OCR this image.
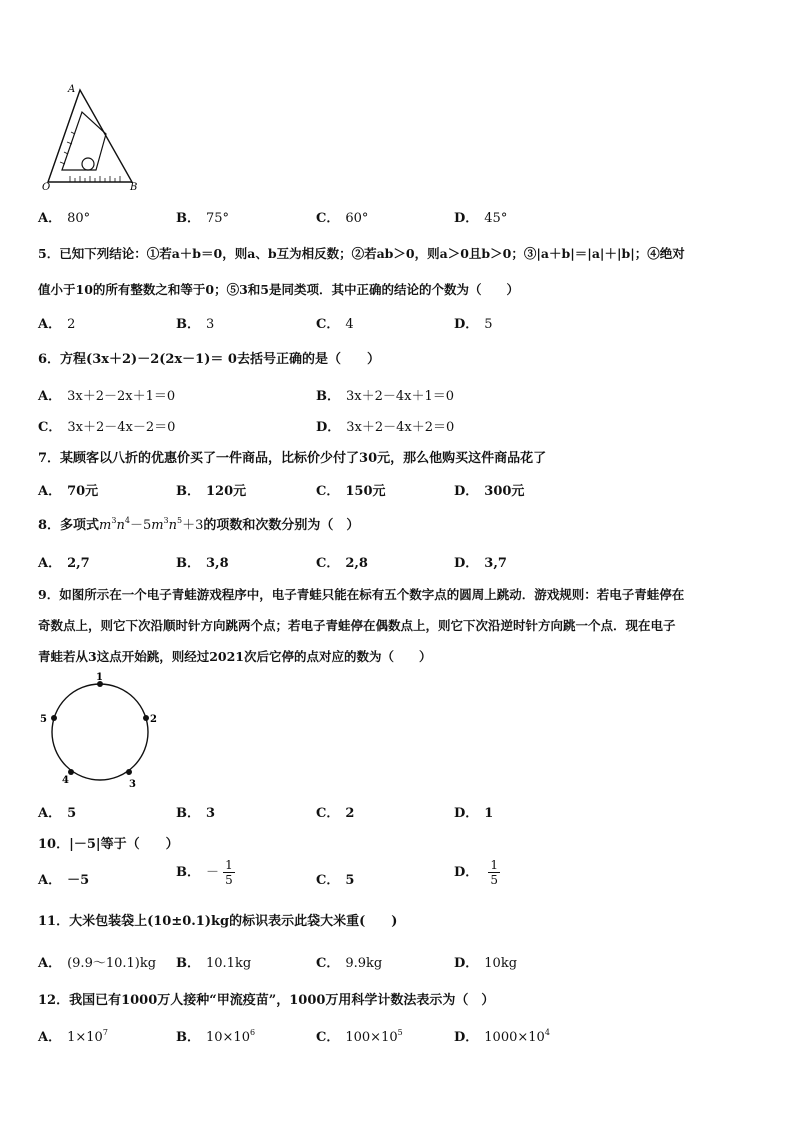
A
O	B
A． 80°	B． 75°	C． 60°	D． 45°
5．已知下列结论：①若a＋b＝0，则a、b互为相反数；②若ab＞0，则a＞0且b＞0；③|a＋b|＝|a|＋|b|；④绝对
值小于10的所有整数之和等于0；⑤3和5是同类项．其中正确的结论的个数为（　　）
A． 2	B． 3	C． 4	D． 5
6．方程(3x＋2)－2(2x－1)＝ 0去括号正确的是（　　）
A． 3x＋2－2x＋1＝0	B． 3x＋2－4x＋1＝0
C． 3x＋2－4x－2＝0	D． 3x＋2－4x＋2＝0
7．某顾客以八折的优惠价买了一件商品，比标价少付了30元，那么他购买这件商品花了
A． 70元	B． 120元	C． 150元	D． 300元
8．多项式$m^3n^4-5m^3n^5+3$的项数和次数分别为（　）
A． 2,7	B． 3,8	C． 2,8	D． 3,7
9．如图所示在一个电子青蛙游戏程序中，电子青蛙只能在标有五个数字点的圆周上跳动．游戏规则：若电子青蛙停在
奇数点上，则它下次沿顺时针方向跳两个点；若电子青蛙停在偶数点上，则它下次沿逆时针方向跳一个点．现在电子
青蛙若从3这点开始跳，则经过2021次后它停的点对应的数为（　　）
1
2
3
4
5
A． 5	B． 3	C． 2	D． 1
10．|－5|等于（　　）
A． －5
B． － $\frac{1}{5}$	C． 5
D． $\frac{1}{5}$
11．大米包装袋上(10±0.1)kg的标识表示此袋大米重(　　)
A． (9.9～10.1)kg B． 10.1kg	C． 9.9kg	D． 10kg
12．我国已有1000万人接种“甲流疫苗”，1000万用科学计数法表示为（　）
A． $1\times 10^7$	B． $10\times 10^6$	C． $100\times 10^5$	D． $1000\times 10^4$
